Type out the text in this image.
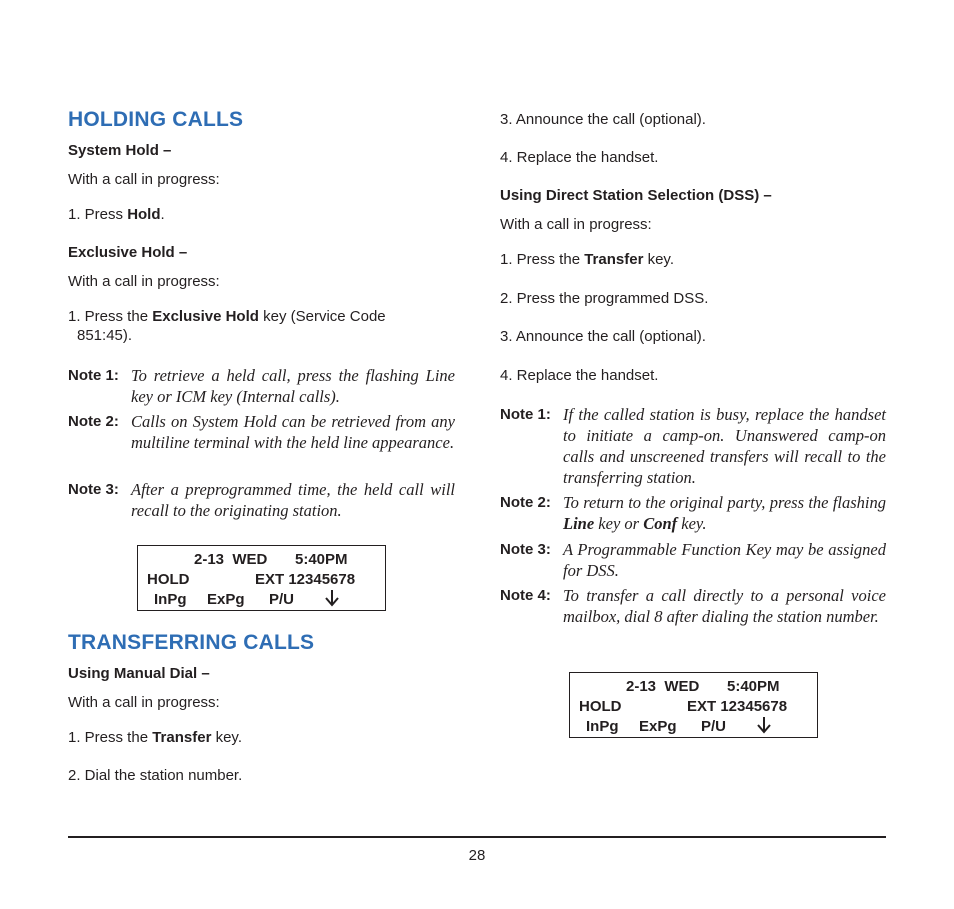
HOLDING CALLS
System Hold –
With a call in progress:
1. Press Hold.
Exclusive Hold –
With a call in progress:
1. Press the Exclusive Hold key (Service Code
851:45).
Note 1: To retrieve a held call, press the flashing Line key or ICM key (Internal calls).
Note 2: Calls on System Hold can be retrieved from any multiline terminal with the held line appearance.
Note 3: After a preprogrammed time, the held call will recall to the originating station.
2-13  WED 5:40PM
HOLD	EXT 12345678
InPg ExPg P/U
TRANSFERRING CALLS
Using Manual Dial –
With a call in progress:
1. Press the Transfer key.
2. Dial the station number.
3. Announce the call (optional).
4. Replace the handset.
Using Direct Station Selection (DSS) –
With a call in progress:
1. Press the Transfer key.
2. Press the programmed DSS.
3. Announce the call (optional).
4. Replace the handset.
Note 1: If the called station is busy, replace the handset to initiate a camp-on. Unanswered camp-on calls and unscreened transfers will recall to the transferring station.
Note 2: To return to the original party, press the flashing Line key or Conf key.
Note 3: A Programmable Function Key may be assigned for DSS.
Note 4: To transfer a call directly to a personal voice mailbox, dial 8 after dialing the station number.
2-13  WED 5:40PM
HOLD	EXT 12345678
InPg ExPg P/U
28
